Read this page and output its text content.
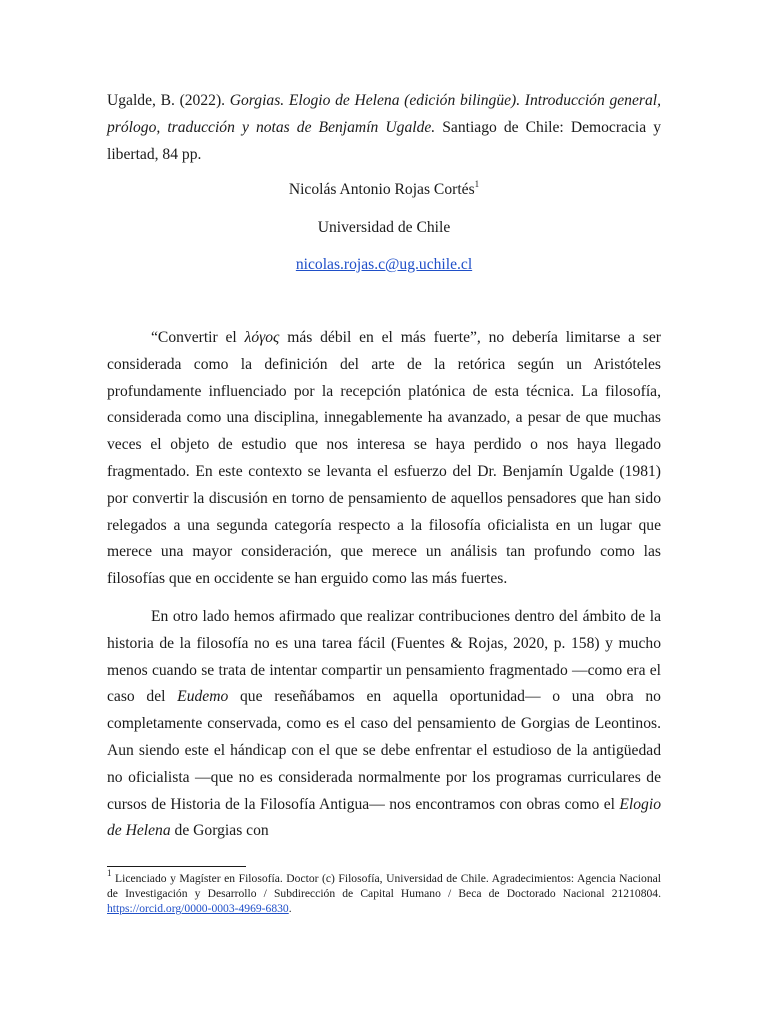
Ugalde, B. (2022). Gorgias. Elogio de Helena (edición bilingüe). Introducción general, prólogo, traducción y notas de Benjamín Ugalde. Santiago de Chile: Democracia y libertad, 84 pp.

Nicolás Antonio Rojas Cortés$^1$
Universidad de Chile
nicolas.rojas.c@ug.uchile.cl

“Convertir el λόγος más débil en el más fuerte”, no debería limitarse a ser considerada como la definición del arte de la retórica según un Aristóteles profundamente influenciado por la recepción platónica de esta técnica. La filosofía, considerada como una disciplina, innegablemente ha avanzado, a pesar de que muchas veces el objeto de estudio que nos interesa se haya perdido o nos haya llegado fragmentado. En este contexto se levanta el esfuerzo del Dr. Benjamín Ugalde (1981) por convertir la discusión en torno de pensamiento de aquellos pensadores que han sido relegados a una segunda categoría respecto a la filosofía oficialista en un lugar que merece una mayor consideración, que merece un análisis tan profundo como las filosofías que en occidente se han erguido como las más fuertes.

En otro lado hemos afirmado que realizar contribuciones dentro del ámbito de la historia de la filosofía no es una tarea fácil (Fuentes & Rojas, 2020, p. 158) y mucho menos cuando se trata de intentar compartir un pensamiento fragmentado —como era el caso del Eudemo que reseñábamos en aquella oportunidad— o una obra no completamente conservada, como es el caso del pensamiento de Gorgias de Leontinos. Aun siendo este el hándicap con el que se debe enfrentar el estudioso de la antigüedad no oficialista —que no es considerada normalmente por los programas curriculares de cursos de Historia de la Filosofía Antigua— nos encontramos con obras como el Elogio de Helena de Gorgias con

$^1$ Licenciado y Magíster en Filosofía. Doctor (c) Filosofía, Universidad de Chile. Agradecimientos: Agencia Nacional de Investigación y Desarrollo / Subdirección de Capital Humano / Beca de Doctorado Nacional 21210804. https://orcid.org/0000-0003-4969-6830.
